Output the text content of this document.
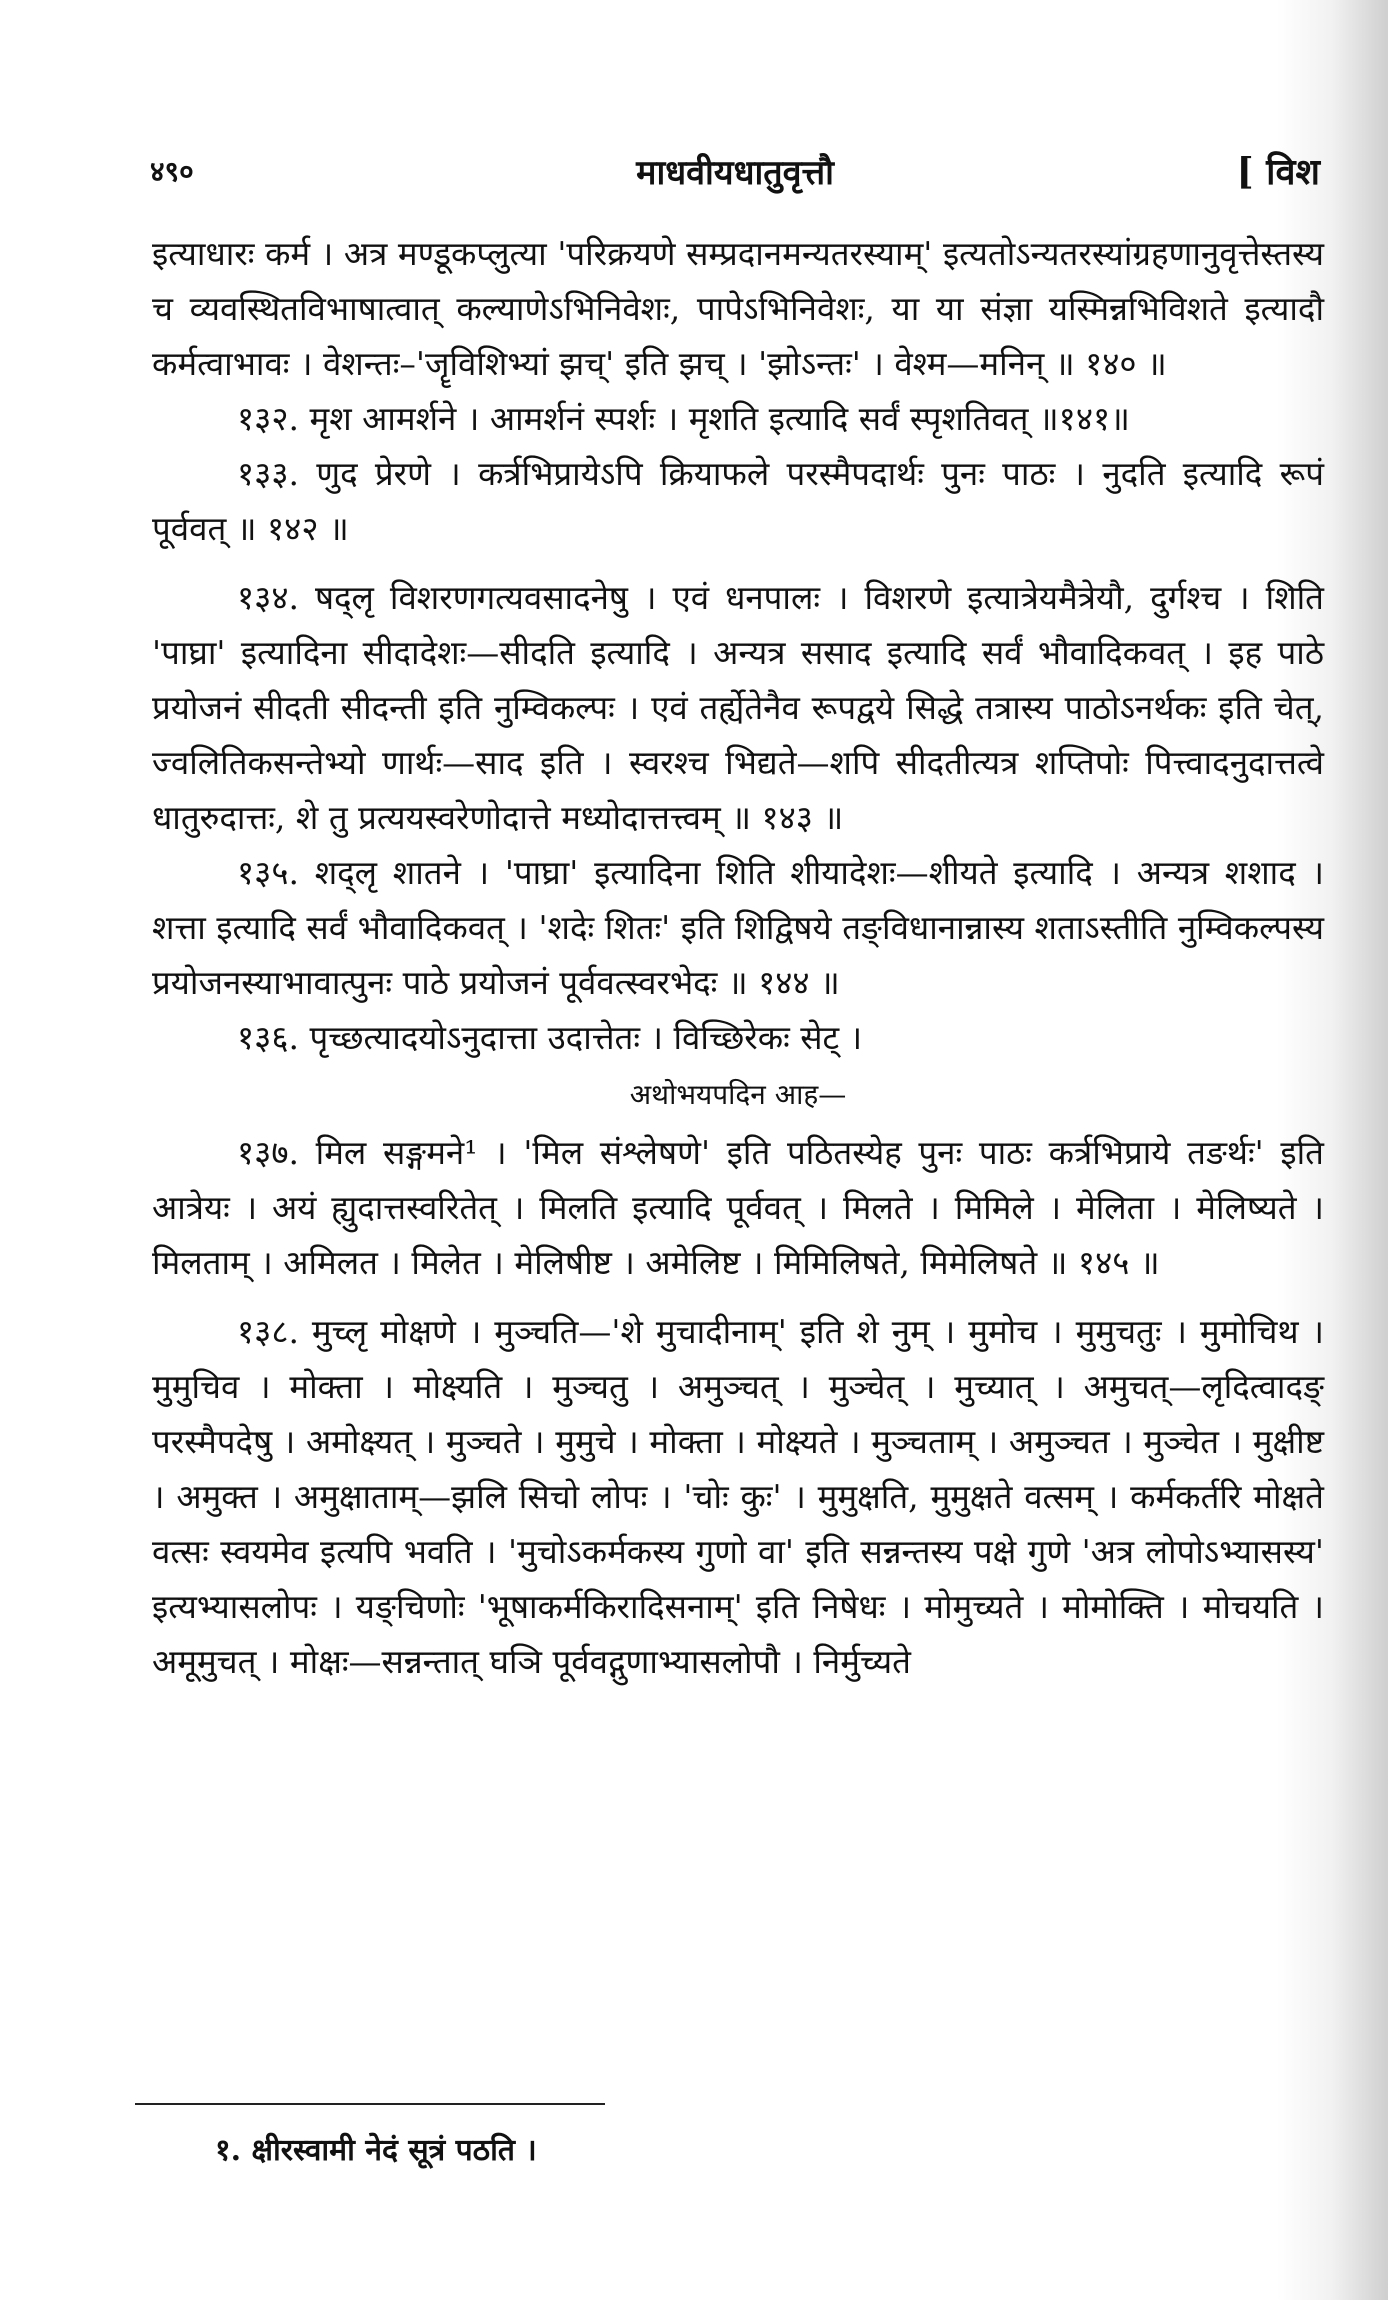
४९०	माधवीयधातुवृत्तौ	[ विश

इत्याधारः कर्म । अत्र मण्डूकप्लुत्या 'परिक्रयणे सम्प्रदानमन्यतरस्याम्' इत्यतोऽन्यतरस्यांग्रहणानुवृत्तेस्तस्य च व्यवस्थितविभाषात्वात् कल्याणेऽभिनिवेशः, पापेऽभिनिवेशः, या या संज्ञा यस्मिन्नभिविशते इत्यादौ कर्मत्वाभावः । वेशन्तः–'जॄविशिभ्यां झच्' इति झच् । 'झोऽन्तः' । वेश्म—मनिन् ॥ १४० ॥

१३२. मृश आमर्शने । आमर्शनं स्पर्शः । मृशति इत्यादि सर्वं स्पृशतिवत् ॥१४१॥

१३३. णुद प्रेरणे । कर्त्रभिप्रायेऽपि क्रियाफले परस्मैपदार्थः पुनः पाठः । नुदति इत्यादि रूपं पूर्ववत् ॥ १४२ ॥

१३४. षद्लृ विशरणगत्यवसादनेषु । एवं धनपालः । विशरणे इत्यात्रेयमैत्रेयौ, दुर्गश्च । शिति 'पाघ्रा' इत्यादिना सीदादेशः—सीदति इत्यादि । अन्यत्र ससाद इत्यादि सर्वं भौवादिकवत् । इह पाठे प्रयोजनं सीदती सीदन्ती इति नुम्विकल्पः । एवं तर्ह्येतेनैव रूपद्वये सिद्धे तत्रास्य पाठोऽनर्थकः इति चेत्, ज्वलितिकसन्तेभ्यो णार्थः—साद इति । स्वरश्च भिद्यते—शपि सीदतीत्यत्र शप्तिपोः पित्त्वादनुदात्तत्वे धातुरुदात्तः, शे तु प्रत्ययस्वरेणोदात्ते मध्योदात्तत्त्वम् ॥ १४३ ॥

१३५. शद्लृ शातने । 'पाघ्रा' इत्यादिना शिति शीयादेशः—शीयते इत्यादि । अन्यत्र शशाद । शत्ता इत्यादि सर्वं भौवादिकवत् । 'शदेः शितः' इति शिद्विषये तङ्विधानान्नास्य शताऽस्तीति नुम्विकल्पस्य प्रयोजनस्याभावात्पुनः पाठे प्रयोजनं पूर्ववत्स्वरभेदः ॥ १४४ ॥

१३६. पृच्छत्यादयोऽनुदात्ता उदात्तेतः । विच्छिरेकः सेट् ।

अथोभयपदिन आह—

१३७. मिल सङ्गमने¹ । 'मिल संश्लेषणे' इति पठितस्येह पुनः पाठः कर्त्रभिप्राये तङर्थः' इति आत्रेयः । अयं ह्युदात्तस्वरितेत् । मिलति इत्यादि पूर्ववत् । मिलते । मिमिले । मेलिता । मेलिष्यते । मिलताम् । अमिलत । मिलेत । मेलिषीष्ट । अमेलिष्ट । मिमिलिषते, मिमेलिषते ॥ १४५ ॥

१३८. मुच्लृ मोक्षणे । मुञ्चति—'शे मुचादीनाम्' इति शे नुम् । मुमोच । मुमुचतुः । मुमोचिथ । मुमुचिव । मोक्ता । मोक्ष्यति । मुञ्चतु । अमुञ्चत् । मुञ्चेत् । मुच्यात् । अमुचत्—लृदित्वादङ् परस्मैपदेषु । अमोक्ष्यत् । मुञ्चते । मुमुचे । मोक्ता । मोक्ष्यते । मुञ्चताम् । अमुञ्चत । मुञ्चेत । मुक्षीष्ट । अमुक्त । अमुक्षाताम्—झलि सिचो लोपः । 'चोः कुः' । मुमुक्षति, मुमुक्षते वत्सम् । कर्मकर्तरि मोक्षते वत्सः स्वयमेव इत्यपि भवति । 'मुचोऽकर्मकस्य गुणो वा' इति सन्नन्तस्य पक्षे गुणे 'अत्र लोपोऽभ्यासस्य' इत्यभ्यासलोपः । यङ्चिणोः 'भूषाकर्मकिरादिसनाम्' इति निषेधः । मोमुच्यते । मोमोक्ति । मोचयति । अमूमुचत् । मोक्षः—सन्नन्तात् घञि पूर्ववद्गुणाभ्यासलोपौ । निर्मुच्यते

१. क्षीरस्वामी नेदं सूत्रं पठति ।
